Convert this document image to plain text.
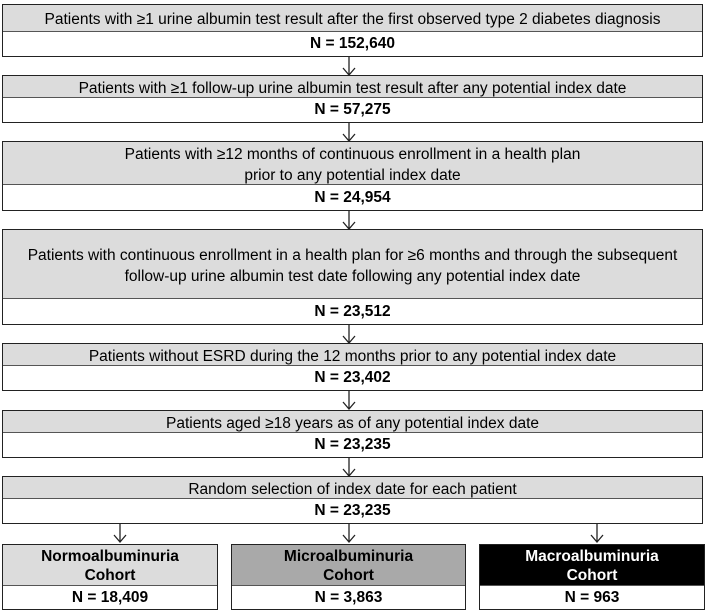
Patients with ≥1 urine albumin test result after the first observed type 2 diabetes diagnosis
N = 152,640
Patients with ≥1 follow-up urine albumin test result after any potential index date
N = 57,275
Patients with ≥12 months of continuous enrollment in a health plan prior to any potential index date
N = 24,954
Patients with continuous enrollment in a health plan for ≥6 months and through the subsequent follow-up urine albumin test date following any potential index date
N = 23,512
Patients without ESRD during the 12 months prior to any potential index date
N = 23,402
Patients aged ≥18 years as of any potential index date
N = 23,235
Random selection of index date for each patient
N = 23,235
Normoalbuminuria
Cohort
N = 18,409
Microalbuminuria
Cohort
N = 3,863
Macroalbuminuria
Cohort
N = 963
